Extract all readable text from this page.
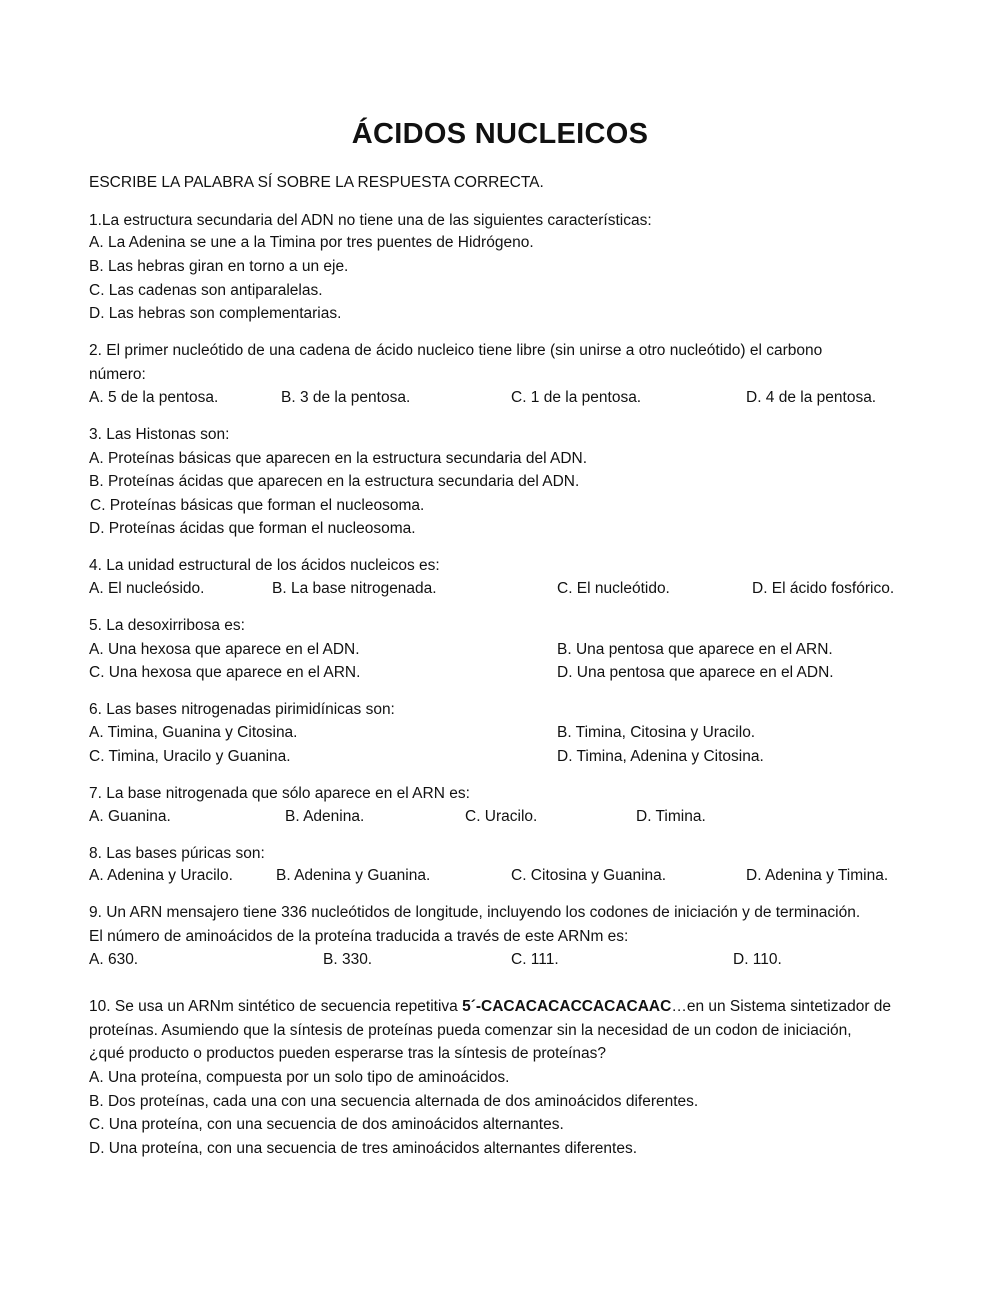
ÁCIDOS NUCLEICOS
ESCRIBE LA PALABRA SÍ SOBRE LA RESPUESTA CORRECTA.
1.La estructura secundaria del ADN no tiene una de las siguientes características:
A. La Adenina se une a la Timina por tres puentes de Hidrógeno.
B. Las hebras giran en torno a un eje.
C. Las cadenas son antiparalelas.
D. Las hebras son complementarias.
2. El primer nucleótido de una cadena de ácido nucleico tiene libre (sin unirse a otro nucleótido) el carbono
número:
A. 5 de la pentosa.	B. 3 de la pentosa.	C. 1 de la pentosa.	D. 4 de la pentosa.
3. Las Histonas son:
A. Proteínas básicas que aparecen en la estructura secundaria del ADN.
B. Proteínas ácidas que aparecen en la estructura secundaria del ADN.
C. Proteínas básicas que forman el nucleosoma.
D. Proteínas ácidas que forman el nucleosoma.
4. La unidad estructural de los ácidos nucleicos es:
A. El nucleósido.	B. La base nitrogenada.	C. El nucleótido.	D. El ácido fosfórico.
5. La desoxirribosa es:
A. Una hexosa que aparece en el ADN.	B. Una pentosa que aparece en el ARN.
C. Una hexosa que aparece en el ARN.	D. Una pentosa que aparece en el ADN.
6. Las bases nitrogenadas pirimidínicas son:
A. Timina, Guanina y Citosina.	B. Timina, Citosina y Uracilo.
C. Timina, Uracilo y Guanina.	D. Timina, Adenina y Citosina.
7. La base nitrogenada que sólo aparece en el ARN es:
A. Guanina.	B. Adenina.	C. Uracilo.	D. Timina.
8. Las bases púricas son:
A. Adenina y Uracilo.	B. Adenina y Guanina.	C. Citosina y Guanina.	D. Adenina y Timina.
9. Un ARN mensajero tiene 336 nucleótidos de longitude, incluyendo los codones de iniciación y de terminación.
El número de aminoácidos de la proteína traducida a través de este ARNm es:
A. 630.	B. 330.	C. 111.	D. 110.
10. Se usa un ARNm sintético de secuencia repetitiva 5´-CACACACACCACACAAC…en un Sistema sintetizador de
proteínas. Asumiendo que la síntesis de proteínas pueda comenzar sin la necesidad de un codon de iniciación,
¿qué producto o productos pueden esperarse tras la síntesis de proteínas?
A. Una proteína, compuesta por un solo tipo de aminoácidos.
B. Dos proteínas, cada una con una secuencia alternada de dos aminoácidos diferentes.
C. Una proteína, con una secuencia de dos aminoácidos alternantes.
D. Una proteína, con una secuencia de tres aminoácidos alternantes diferentes.
